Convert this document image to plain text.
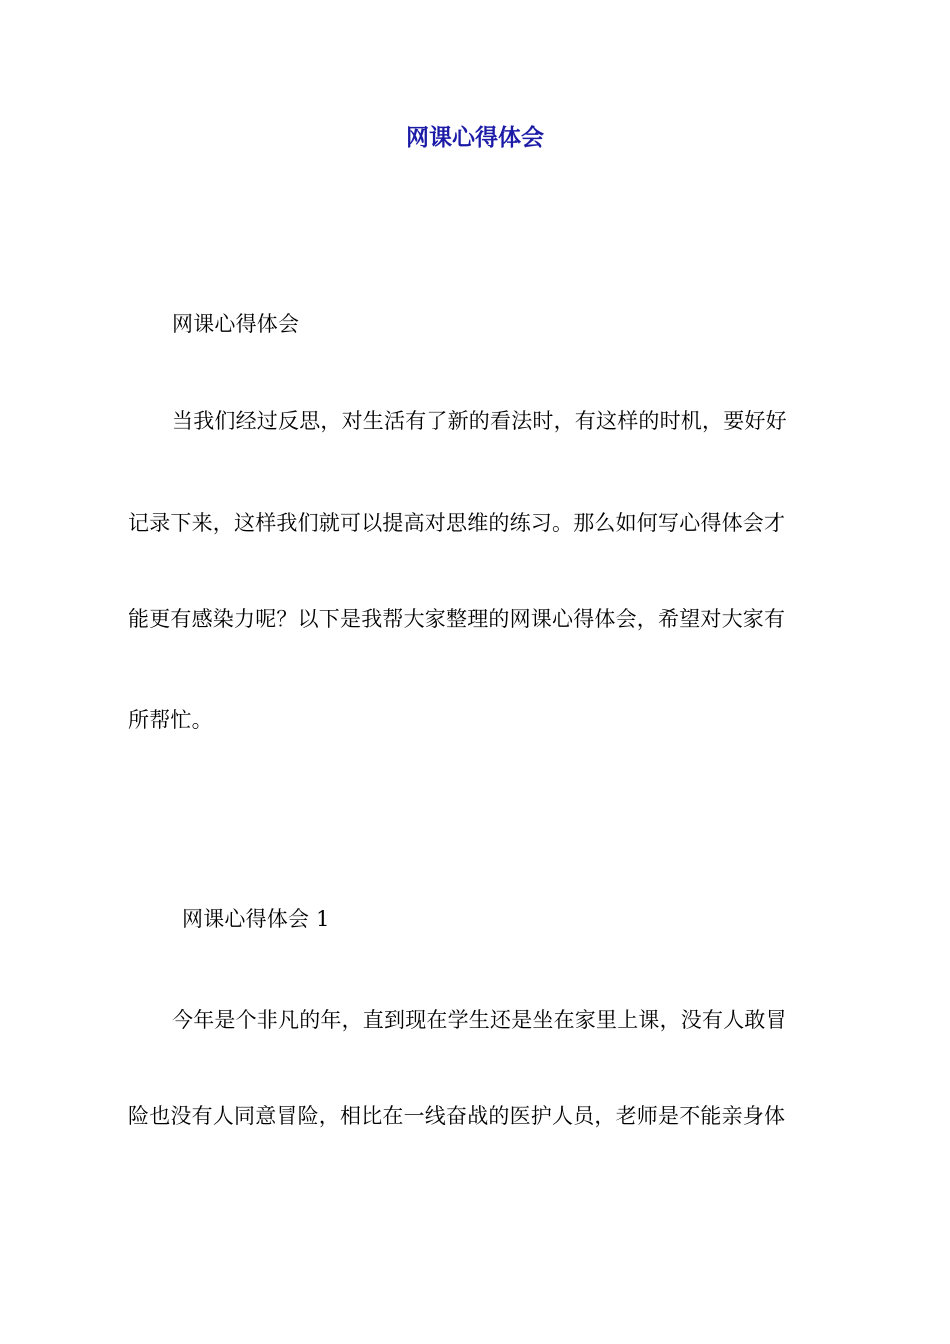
网课心得体会

网课心得体会

当我们经过反思，对生活有了新的看法时，有这样的时机，要好好

记录下来，这样我们就可以提高对思维的练习。那么如何写心得体会才

能更有感染力呢？以下是我帮大家整理的网课心得体会，希望对大家有

所帮忙。

网课心得体会 1

今年是个非凡的年，直到现在学生还是坐在家里上课，没有人敢冒

险也没有人同意冒险，相比在一线奋战的医护人员，老师是不能亲身体
